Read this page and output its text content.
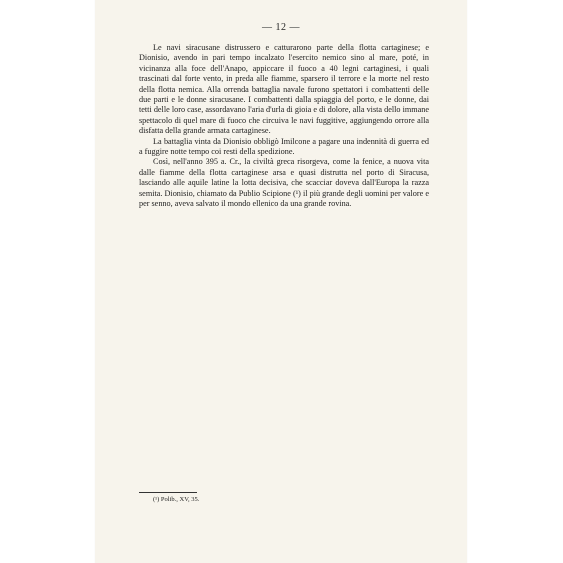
— 12 —

Le navi siracusane distrussero e catturarono parte della flotta cartaginese; e Dionisio, avendo in pari tempo incalzato l'esercito nemico sino al mare, poté, in vicinanza alla foce dell'Anapo, appiccare il fuoco a 40 legni cartaginesi, i quali trascinati dal forte vento, in preda alle fiamme, sparsero il terrore e la morte nel resto della flotta nemica. Alla orrenda battaglia navale furono spettatori i combattenti delle due parti e le donne siracusane. I combattenti dalla spiaggia del porto, e le donne, dai tetti delle loro case, assordavano l'aria d'urla di gioia e di dolore, alla vista dello immane spettacolo di quel mare di fuoco che circuiva le navi fuggitive, aggiungendo orrore alla disfatta della grande armata cartaginese.

La battaglia vinta da Dionisio obbligò Imilcone a pagare una indennità di guerra ed a fuggire notte tempo coi resti della spedizione.

Così, nell'anno 395 a. Cr., la civiltà greca risorgeva, come la fenice, a nuova vita dalle fiamme della flotta cartaginese arsa e quasi distrutta nel porto di Siracusa, lasciando alle aquile latine la lotta decisiva, che scacciar doveva dall'Europa la razza semita. Dionisio, chiamato da Publio Scipione (¹) il più grande degli uomini per valore e per senno, aveva salvato il mondo ellenico da una grande rovina.

(¹) Polib., XV, 35.
